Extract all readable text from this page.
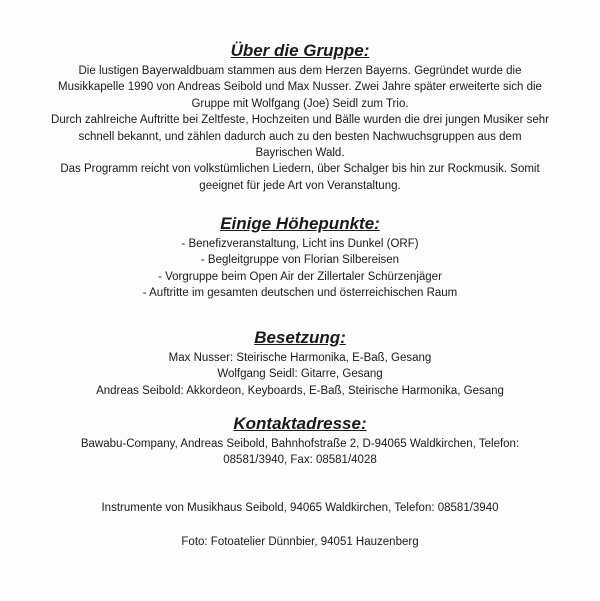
Über die Gruppe:
Die lustigen Bayerwaldbuam stammen aus dem Herzen Bayerns. Gegründet wurde die
Musikkapelle 1990 von Andreas Seibold und Max Nusser. Zwei Jahre später erweiterte sich die
Gruppe mit Wolfgang (Joe) Seidl zum Trio.
Durch zahlreiche Auftritte bei Zeltfeste, Hochzeiten und Bälle wurden die drei jungen Musiker sehr
schnell bekannt, und zählen dadurch auch zu den besten Nachwuchsgruppen aus dem
Bayrischen Wald.
Das Programm reicht von volkstümlichen Liedern, über Schalger bis hin zur Rockmusik. Somit
geeignet für jede Art von Veranstaltung.
Einige Höhepunkte:
- Benefizveranstaltung, Licht ins Dunkel (ORF)
- Begleitgruppe von Florian Silbereisen
- Vorgruppe beim Open Air der Zillertaler Schürzenjäger
- Auftritte im gesamten deutschen und österreichischen Raum
Besetzung:
Max Nusser: Steirische Harmonika, E-Baß, Gesang
Wolfgang Seidl: Gitarre, Gesang
Andreas Seibold: Akkordeon, Keyboards, E-Baß, Steirische Harmonika, Gesang
Kontaktadresse:
Bawabu-Company, Andreas Seibold, Bahnhofstraße 2, D-94065 Waldkirchen, Telefon:
08581/3940, Fax: 08581/4028
Instrumente von Musikhaus Seibold, 94065 Waldkirchen, Telefon: 08581/3940
Foto: Fotoatelier Dünnbier, 94051 Hauzenberg
